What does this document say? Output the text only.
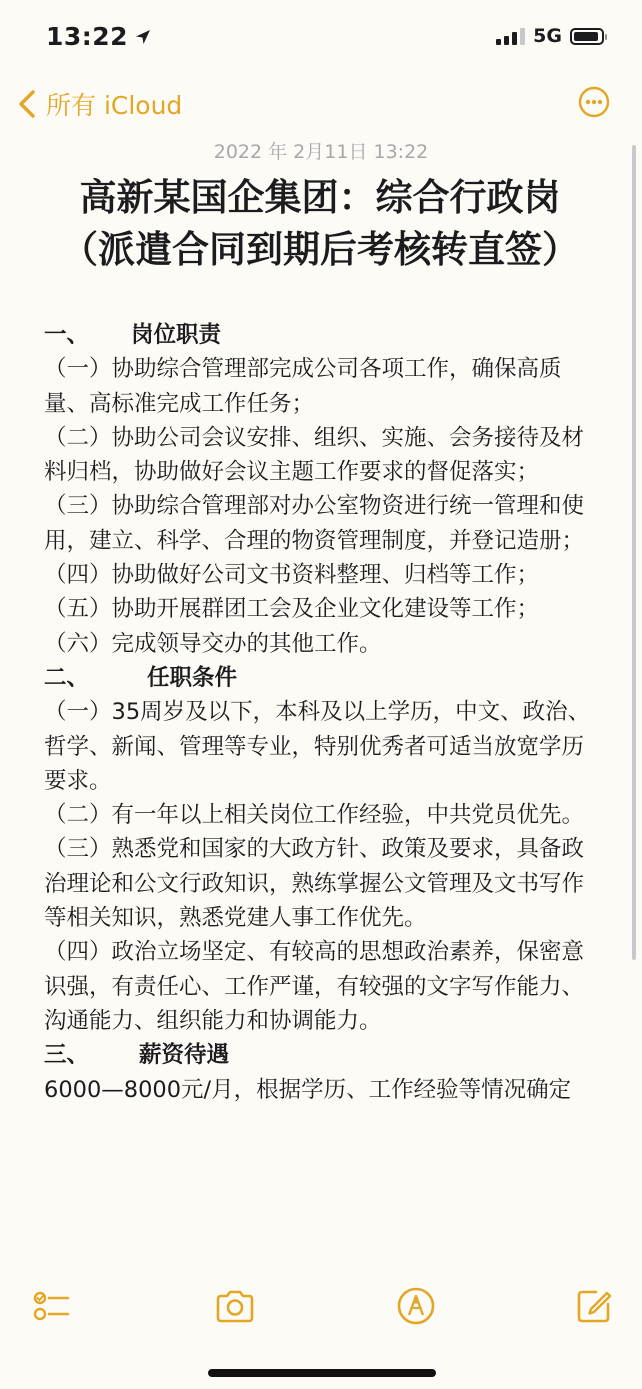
13:22	5G
所有 iCloud
2022 年 2月11日 13:22
高新某国企集团：综合行政岗
（派遣合同到期后考核转直签）

一、 岗位职责

（一）协助综合管理部完成公司各项工作，确保高质量、高标准完成工作任务；

（二）协助公司会议安排、组织、实施、会务接待及材料归档，协助做好会议主题工作要求的督促落实；

（三）协助综合管理部对办公室物资进行统一管理和使用，建立、科学、合理的物资管理制度，并登记造册；

（四）协助做好公司文书资料整理、归档等工作；

（五）协助开展群团工会及企业文化建设等工作；

（六）完成领导交办的其他工作。

二、	任职条件

（一）35周岁及以下，本科及以上学历，中文、政治、哲学、新闻、管理等专业，特别优秀者可适当放宽学历要求。

（二）有一年以上相关岗位工作经验，中共党员优先。

（三）熟悉党和国家的大政方针、政策及要求，具备政治理论和公文行政知识，熟练掌握公文管理及文书写作等相关知识，熟悉党建人事工作优先。

（四）政治立场坚定、有较高的思想政治素养，保密意识强，有责任心、工作严谨，有较强的文字写作能力、沟通能力、组织能力和协调能力。

三、 薪资待遇

6000—8000元/月，根据学历、工作经验等情况确定
